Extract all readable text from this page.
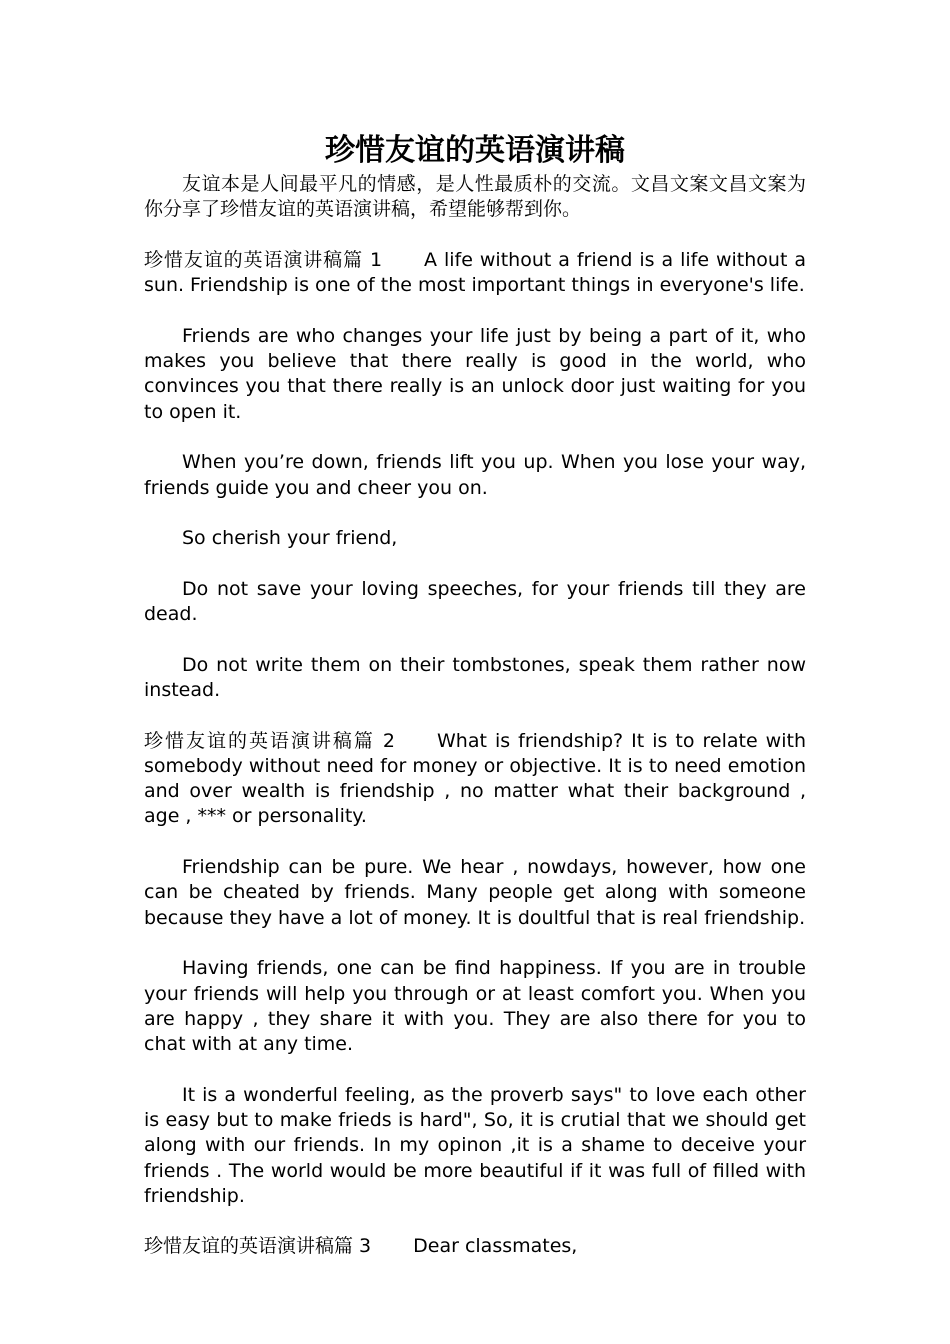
珍惜友谊的英语演讲稿

友谊本是人间最平凡的情感，是人性最质朴的交流。文昌文案文昌文案为你分享了珍惜友谊的英语演讲稿，希望能够帮到你。

珍惜友谊的英语演讲稿篇 1 A life without a friend is a life without a sun. Friendship is one of the most important things in everyone's life.

Friends are who changes your life just by being a part of it, who makes you believe that there really is good in the world, who convinces you that there really is an unlock door just waiting for you to open it.

When you’re down, friends lift you up. When you lose your way, friends guide you and cheer you on.

So cherish your friend,

Do not save your loving speeches, for your friends till they are dead.

Do not write them on their tombstones, speak them rather now instead.

珍惜友谊的英语演讲稿篇 2 What is friendship? It is to relate with somebody without need for money or objective. It is to need emotion and over wealth is friendship , no matter what their background , age , *** or personality.

Friendship can be pure. We hear , nowdays, however, how one can be cheated by friends. Many people get along with someone because they have a lot of money. It is doultful that is real friendship.

Having friends, one can be find happiness. If you are in trouble your friends will help you through or at least comfort you. When you are happy , they share it with you. They are also there for you to chat with at any time.

It is a wonderful feeling, as the proverb says" to love each other is easy but to make frieds is hard", So, it is crutial that we should get along with our friends. In my opinon ,it is a shame to deceive your friends . The world would be more beautiful if it was full of filled with friendship.

珍惜友谊的英语演讲稿篇 3 Dear classmates,
